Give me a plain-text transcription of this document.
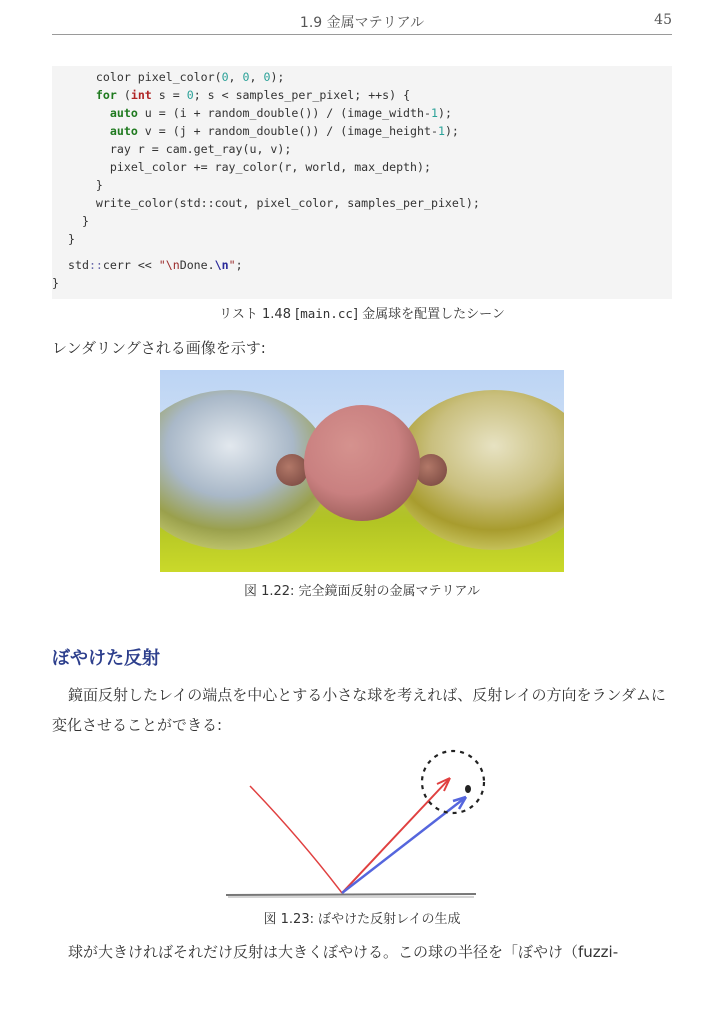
1.9 金属マテリアル	45
color pixel_color(0, 0, 0);
for (int s = 0; s < samples_per_pixel; ++s) {
auto u = (i + random_double()) / (image_width-1);
auto v = (j + random_double()) / (image_height-1);
ray r = cam.get_ray(u, v);
pixel_color += ray_color(r, world, max_depth);
}
write_color(std::cout, pixel_color, samples_per_pixel);
}
}
std::cerr << "\nDone.\n";
}
リスト 1.48 [main.cc] 金属球を配置したシーン
レンダリングされる画像を示す:
図 1.22: 完全鏡面反射の金属マテリアル
ぼやけた反射
鏡面反射したレイの端点を中心とする小さな球を考えれば、反射レイの方向をランダムに変化させることができる:
図 1.23: ぼやけた反射レイの生成
球が大きければそれだけ反射は大きくぼやける。この球の半径を「ぼやけ（fuzzi-
